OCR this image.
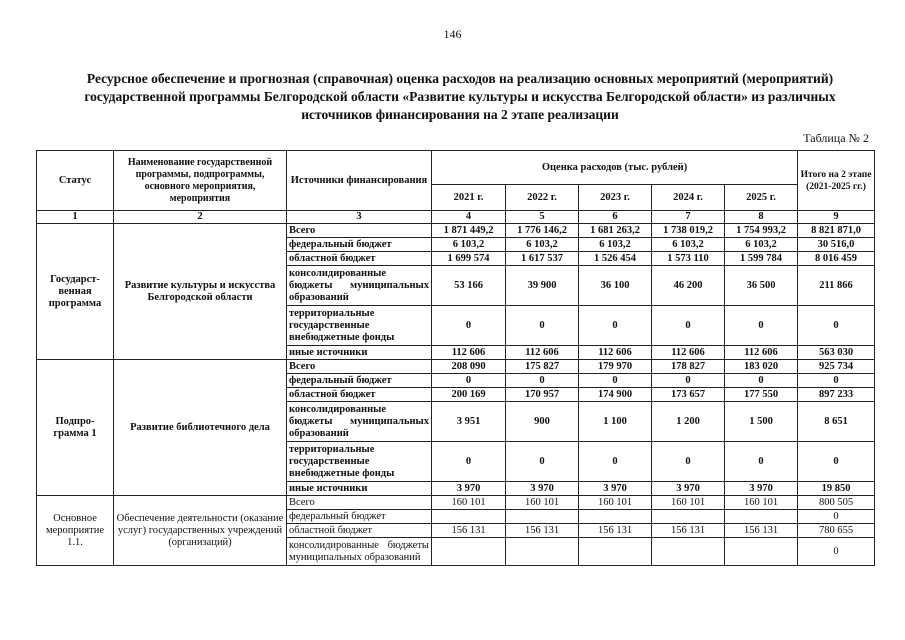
146
Ресурсное обеспечение и прогнозная (справочная) оценка расходов на реализацию основных мероприятий (мероприятий)
государственной программы Белгородской области «Развитие культуры и искусства Белгородской области» из различных
источников финансирования на 2 этапе реализации
Таблица № 2
Статус	Наименование государственной программы, подпрограммы, основного мероприятия, мероприятия	Источники финансирования	Оценка расходов (тыс. рублей)					Итого на 2 этапе (2021-2025 гг.)
			2021 г.	2022 г.	2023 г.	2024 г.	2025 г.	
1	2	3	4	5	6	7	8	9
Государст-венная программа	Развитие культуры и искусства Белгородской области	Всего	1 871 449,2	1 776 146,2	1 681 263,2	1 738 019,2	1 754 993,2	8 821 871,0
		федеральный бюджет	6 103,2	6 103,2	6 103,2	6 103,2	6 103,2	30 516,0
		областной бюджет	1 699 574	1 617 537	1 526 454	1 573 110	1 599 784	8 016 459
		консолидированные бюджеты муниципальных образований	53 166	39 900	36 100	46 200	36 500	211 866
		территориальные государственные внебюджетные фонды	0	0	0	0	0	0
		иные источники	112 606	112 606	112 606	112 606	112 606	563 030
Подпро-грамма 1	Развитие библиотечного дела	Всего	208 090	175 827	179 970	178 827	183 020	925 734
		федеральный бюджет	0	0	0	0	0	0
		областной бюджет	200 169	170 957	174 900	173 657	177 550	897 233
		консолидированные бюджеты муниципальных образований	3 951	900	1 100	1 200	1 500	8 651
		территориальные государственные внебюджетные фонды	0	0	0	0	0	0
		иные источники	3 970	3 970	3 970	3 970	3 970	19 850
Основное мероприятие 1.1.	Обеспечение деятельности (оказание услуг) государственных учреждений (организаций)	Всего	160 101	160 101	160 101	160 101	160 101	800 505
		федеральный бюджет						0
		областной бюджет	156 131	156 131	156 131	156 131	156 131	780 655
		консолидированные бюджеты муниципальных образований						0
